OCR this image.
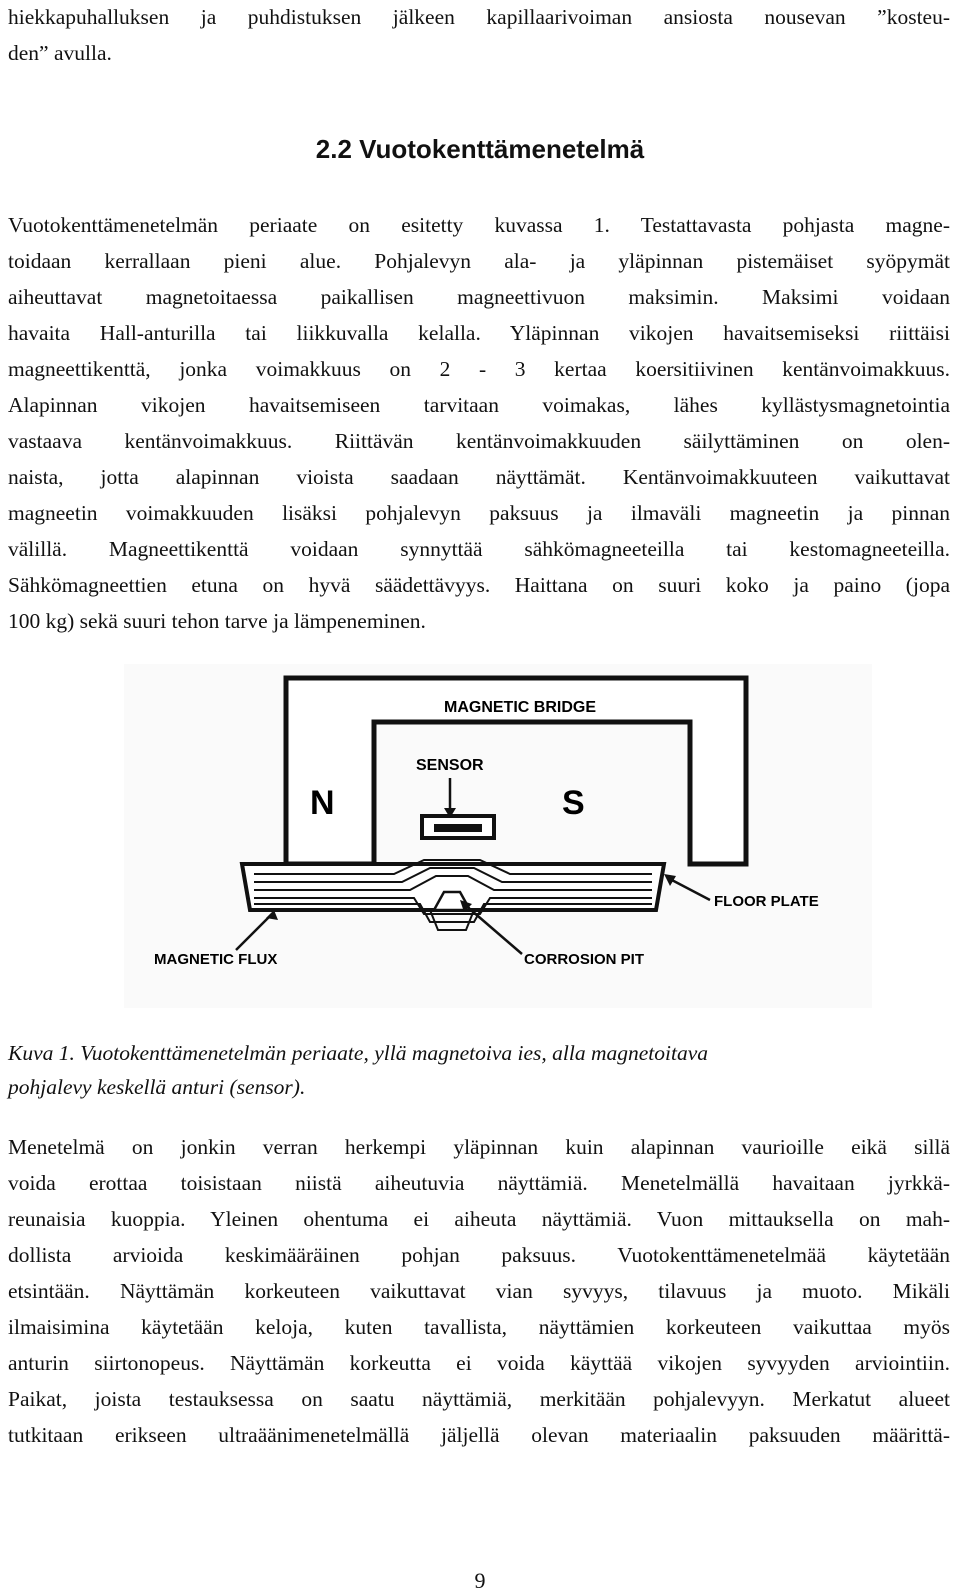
hiekkapuhalluksen ja puhdistuksen jälkeen kapillaarivoiman ansiosta nousevan ”kosteu-
den” avulla.
2.2 Vuotokenttämenetelmä
Vuotokenttämenetelmän periaate on esitetty kuvassa 1. Testattavasta pohjasta magne-
toidaan kerrallaan pieni alue. Pohjalevyn ala- ja yläpinnan pistemäiset syöpymät
aiheuttavat magnetoitaessa paikallisen magneettivuon maksimin. Maksimi voidaan
havaita Hall-anturilla tai liikkuvalla kelalla. Yläpinnan vikojen havaitsemiseksi riittäisi
magneettikenttä, jonka voimakkuus on 2 - 3 kertaa koersitiivinen kentänvoimakkuus.
Alapinnan vikojen havaitsemiseen tarvitaan voimakas, lähes kyllästysmagnetointia
vastaava kentänvoimakkuus. Riittävän kentänvoimakkuuden säilyttäminen on olen-
naista, jotta alapinnan vioista saadaan näyttämät. Kentänvoimakkuuteen vaikuttavat
magneetin voimakkuuden lisäksi pohjalevyn paksuus ja ilmaväli magneetin ja pinnan
välillä. Magneettikenttä voidaan synnyttää sähkömagneeteilla tai kestomagneeteilla.
Sähkömagneettien etuna on hyvä säädettävyys. Haittana on suuri koko ja paino (jopa
100 kg) sekä suuri tehon tarve ja lämpeneminen.
MAGNETIC BRIDGE
N	S
SENSOR
FLOOR PLATE
MAGNETIC FLUX	CORROSION PIT
Kuva 1. Vuotokenttämenetelmän periaate, yllä magnetoiva ies, alla magnetoitava
pohjalevy keskellä anturi (sensor).
Menetelmä on jonkin verran herkempi yläpinnan kuin alapinnan vaurioille eikä sillä
voida erottaa toisistaan niistä aiheutuvia näyttämiä. Menetelmällä havaitaan jyrkkä-
reunaisia kuoppia. Yleinen ohentuma ei aiheuta näyttämiä. Vuon mittauksella on mah-
dollista arvioida keskimääräinen pohjan paksuus. Vuotokenttämenetelmää käytetään
etsintään. Näyttämän korkeuteen vaikuttavat vian syvyys, tilavuus ja muoto. Mikäli
ilmaisimina käytetään keloja, kuten tavallista, näyttämien korkeuteen vaikuttaa myös
anturin siirtonopeus. Näyttämän korkeutta ei voida käyttää vikojen syvyyden arviointiin.
Paikat, joista testauksessa on saatu näyttämiä, merkitään pohjalevyyn. Merkatut alueet
tutkitaan erikseen ultraäänimenetelmällä jäljellä olevan materiaalin paksuuden määrittä-
9
